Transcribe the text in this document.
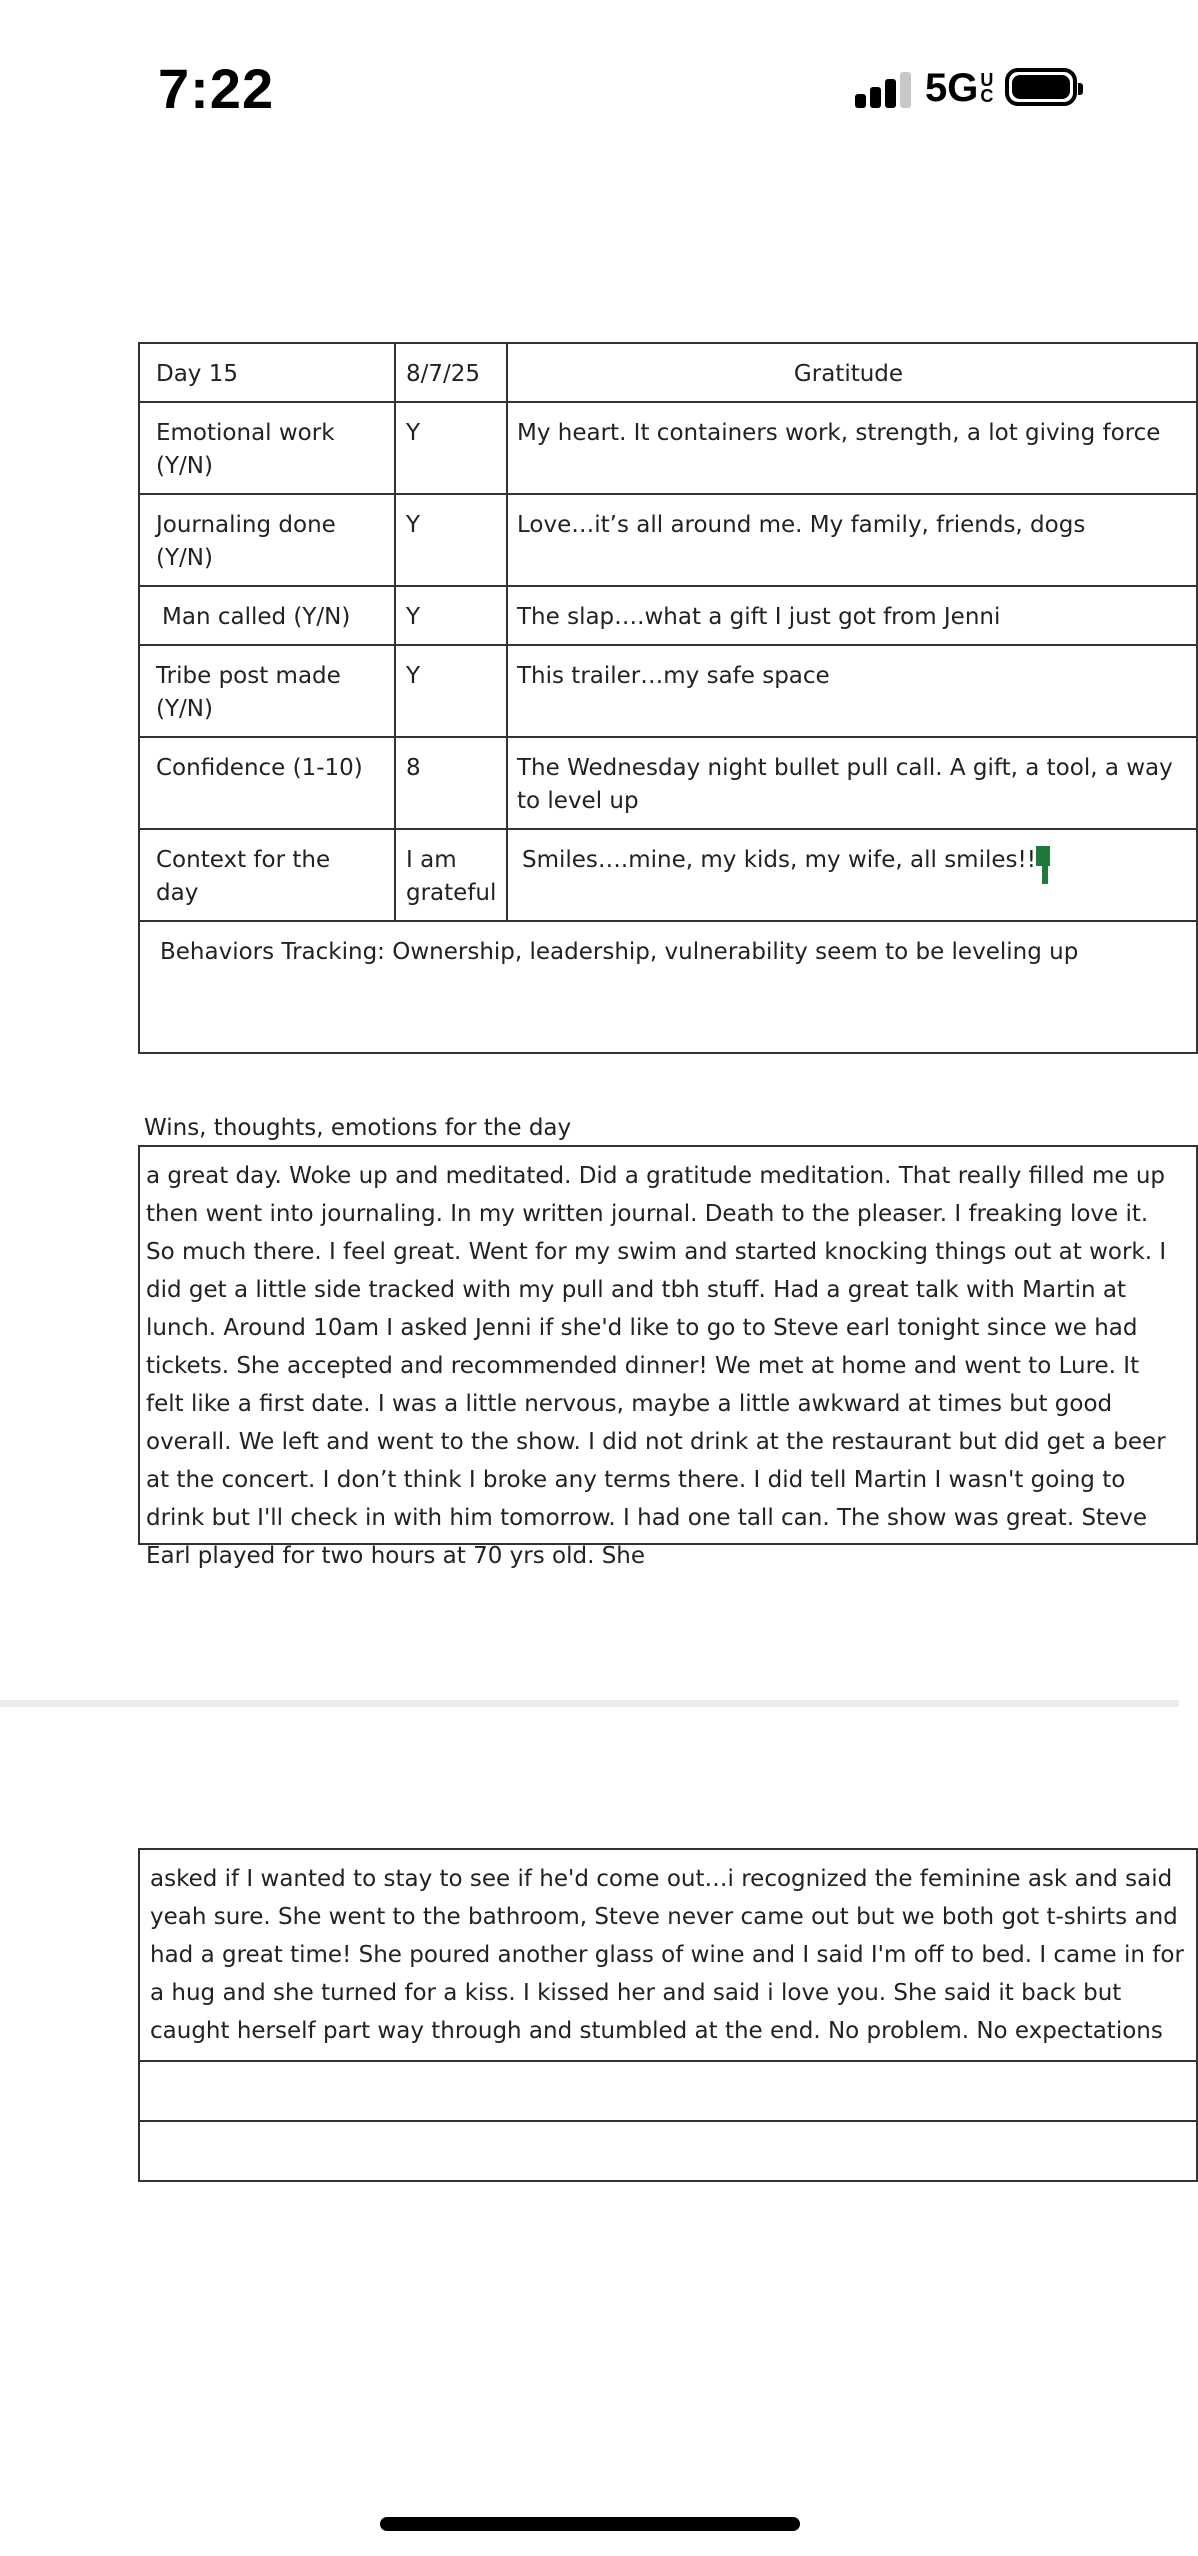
7:22	5G UC
Day 15	8/7/25	Gratitude
Emotional work (Y/N)	Y	My heart. It containers work, strength, a lot giving force
Journaling done (Y/N)	Y	Love…it’s all around me. My family, friends, dogs
Man called (Y/N)	Y	The slap….what a gift I just got from Jenni
Tribe post made (Y/N)	Y	This trailer…my safe space
Confidence (1-10)	8	The Wednesday night bullet pull call. A gift, a tool, a way to level up
Context for the day	I am grateful	Smiles….mine, my kids, my wife, all smiles!!
Behaviors Tracking: Ownership, leadership, vulnerability seem to be leveling up		
Wins, thoughts, emotions for the day
a great day. Woke up and meditated. Did a gratitude meditation. That really filled me up then went into journaling. In my written journal. Death to the pleaser. I freaking love it. So much there. I feel great. Went for my swim and started knocking things out at work. I did get a little side tracked with my pull and tbh stuff. Had a great talk with Martin at lunch. Around 10am I asked Jenni if she'd like to go to Steve earl tonight since we had tickets. She accepted and recommended dinner! We met at home and went to Lure. It felt like a first date. I was a little nervous, maybe a little awkward at times but good overall. We left and went to the show. I did not drink at the restaurant but did get a beer at the concert. I don’t think I broke any terms there. I did tell Martin I wasn't going to drink but I'll check in with him tomorrow. I had one tall can. The show was great. Steve Earl played for two hours at 70 yrs old. She
asked if I wanted to stay to see if he'd come out…i recognized the feminine ask and said yeah sure. She went to the bathroom, Steve never came out but we both got t-shirts and had a great time! She poured another glass of wine and I said I'm off to bed. I came in for a hug and she turned for a kiss. I kissed her and said i love you. She said it back but caught herself part way through and stumbled at the end. No problem. No expectations
